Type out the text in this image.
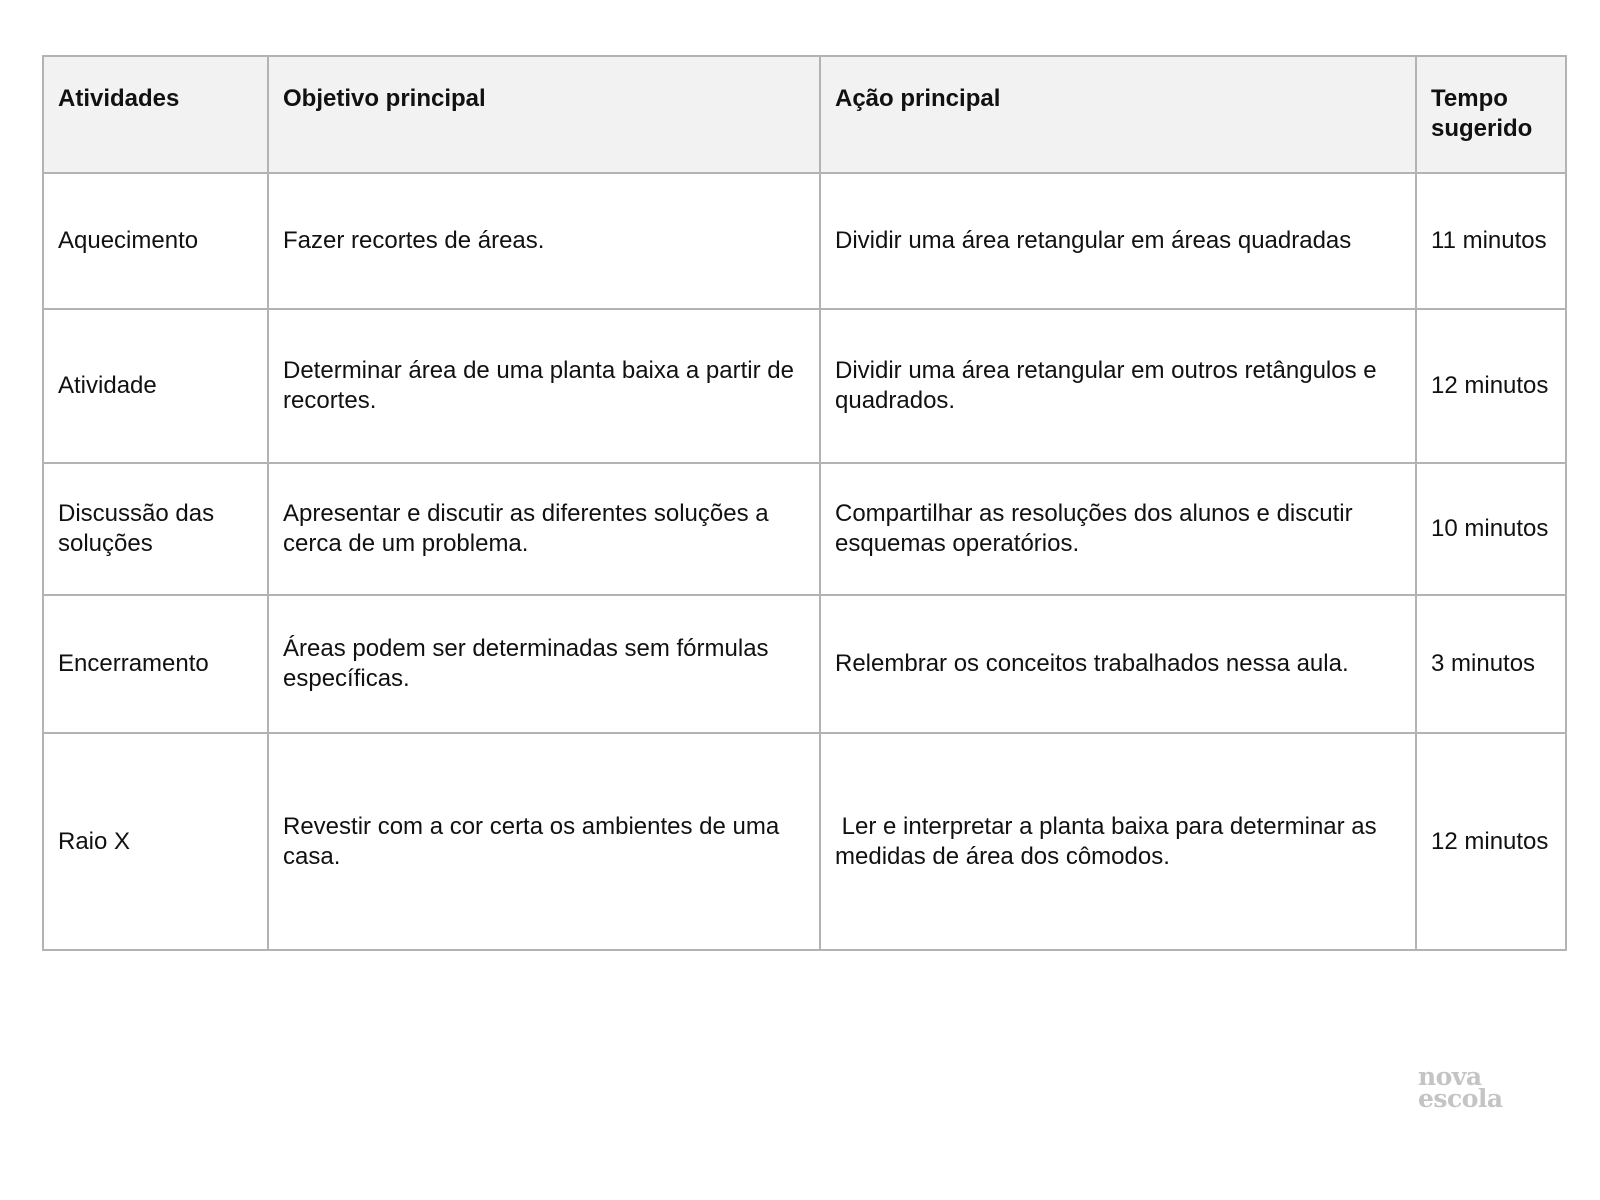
Atividades	Objetivo principal	Ação principal	Tempo sugerido
Aquecimento	Fazer recortes de áreas.	Dividir uma área retangular em áreas quadradas	11 minutos
Atividade	Determinar área de uma planta baixa a partir de recortes.	Dividir uma área retangular em outros retângulos e quadrados.	12 minutos
Discussão das soluções	Apresentar e discutir as diferentes soluções a cerca de um problema.	Compartilhar as resoluções dos alunos e discutir esquemas operatórios.	10 minutos
Encerramento	Áreas podem ser determinadas sem fórmulas específicas.	Relembrar os conceitos trabalhados nessa aula.	3 minutos
Raio X	Revestir com a cor certa os ambientes de uma casa.	Ler e interpretar a planta baixa para determinar as medidas de área dos cômodos.	12 minutos
nova
escola
